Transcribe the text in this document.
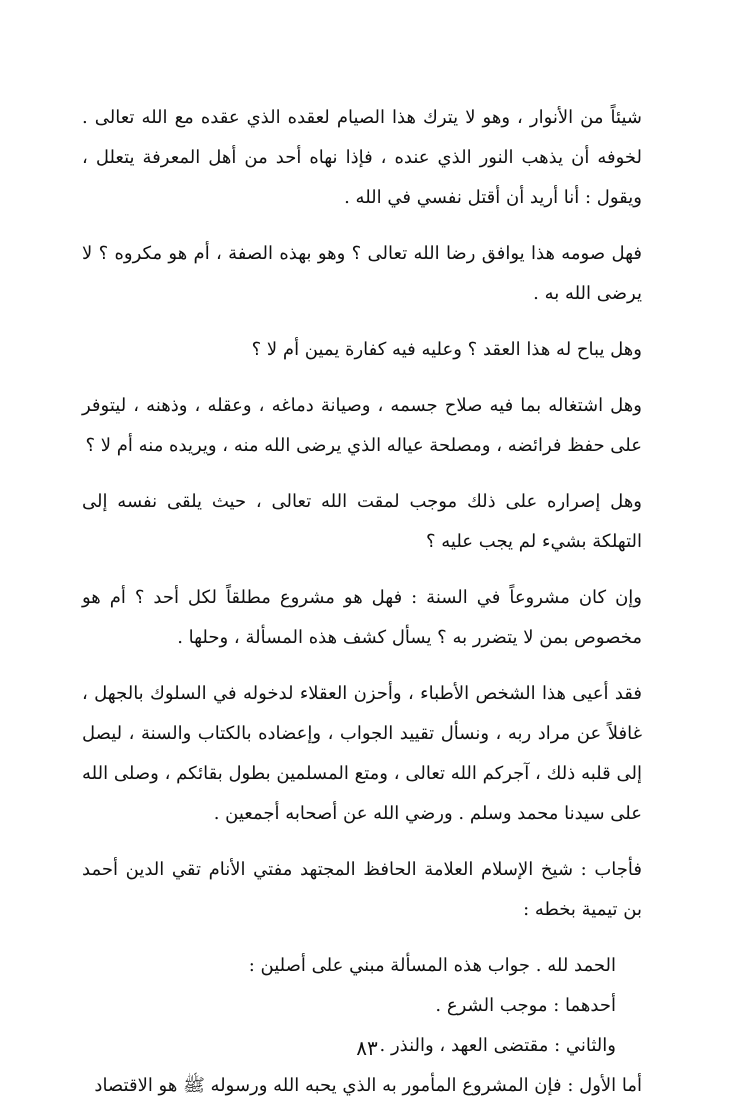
شيئاً من الأنوار ، وهو لا يترك هذا الصيام لعقده الذي عقده مع الله تعالى . لخوفه أن يذهب النور الذي عنده ، فإذا نهاه أحد من أهل المعرفة يتعلل ، ويقول : أنا أريد أن أقتل نفسي في الله .

فهل صومه هذا يوافق رضا الله تعالى ؟ وهو بهذه الصفة ، أم هو مكروه ؟ لا يرضى الله به .

وهل يباح له هذا العقد ؟ وعليه فيه كفارة يمين أم لا ؟

وهل اشتغاله بما فيه صلاح جسمه ، وصيانة دماغه ، وعقله ، وذهنه ، ليتوفر على حفظ فرائضه ، ومصلحة عياله الذي يرضى الله منه ، ويريده منه أم لا ؟

وهل إصراره على ذلك موجب لمقت الله تعالى ، حيث يلقى نفسه إلى التهلكة بشيء لم يجب عليه ؟

وإن كان مشروعاً في السنة : فهل هو مشروع مطلقاً لكل أحد ؟ أم هو مخصوص بمن لا يتضرر به ؟ يسأل كشف هذه المسألة ، وحلها .

فقد أعيى هذا الشخص الأطباء ، وأحزن العقلاء لدخوله في السلوك بالجهل ، غافلاً عن مراد ربه ، ونسأل تقييد الجواب ، وإعضاده بالكتاب والسنة ، ليصل إلى قلبه ذلك ، آجركم الله تعالى ، ومتع المسلمين بطول بقائكم ، وصلى الله على سيدنا محمد وسلم . ورضي الله عن أصحابه أجمعين .

فأجاب : شيخ الإسلام العلامة الحافظ المجتهد مفتي الأنام تقي الدين أحمد بن تيمية بخطه :

الحمد لله . جواب هذه المسألة مبني على أصلين :

أحدهما : موجب الشرع .

والثاني : مقتضى العهد ، والنذر .

أما الأول : فإن المشروع المأمور به الذي يحبه الله ورسوله ﷺ هو الاقتصاد

٨٣
